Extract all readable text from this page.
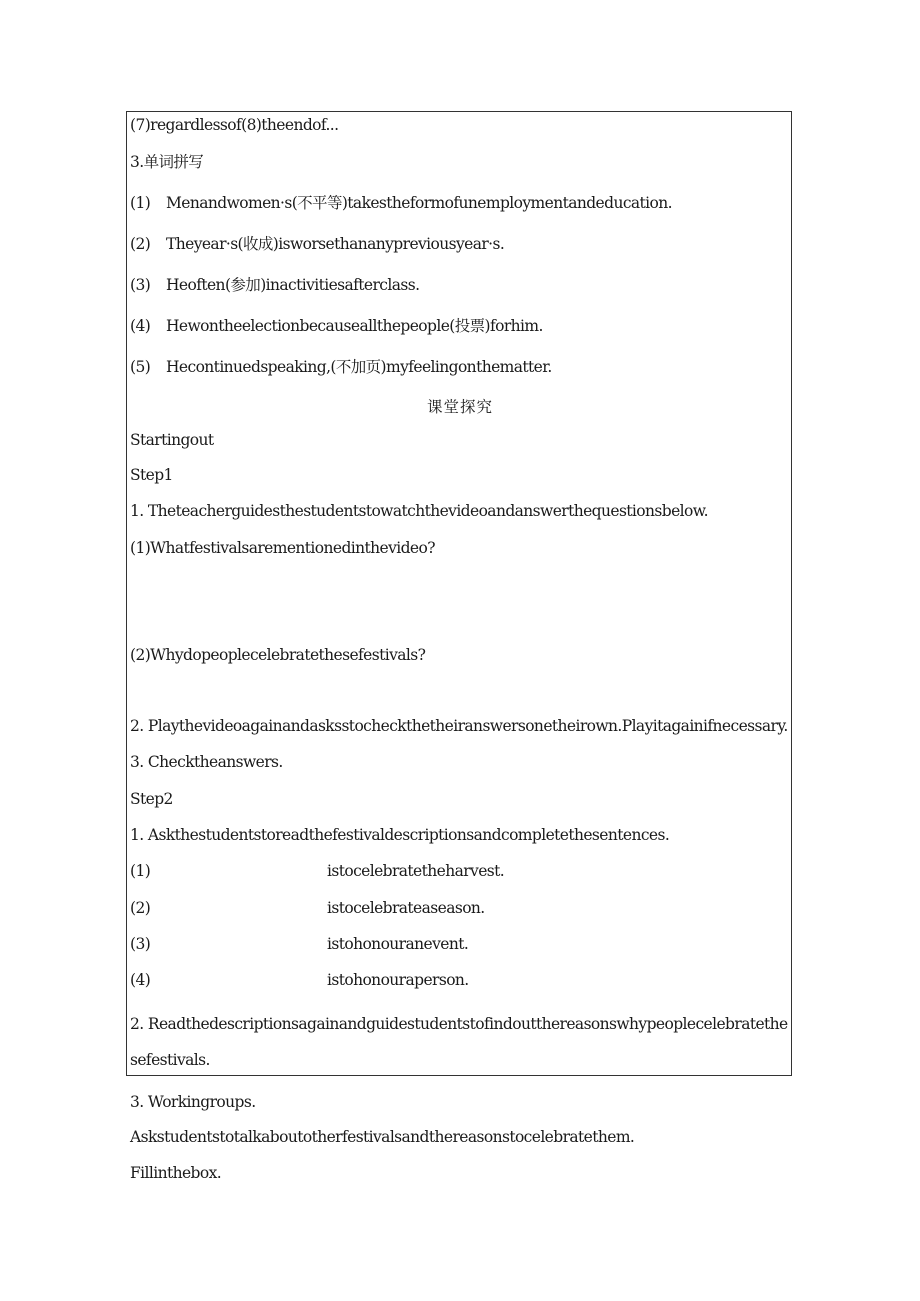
(7)regardlessof(8)theendof...
3.单词拼写
(1) Menandwomen·s(不平等)takestheformofunemploymentandeducation.
(2) Theyear·s(收成)isworsethananypreviousyear·s.
(3) Heoften(参加)inactivitiesafterclass.
(4) Hewontheelectionbecauseallthepeople(投票)forhim.
(5) Hecontinuedspeaking,(不加页)myfeelingonthematter.
课堂探究
Startingout
Step1
1. Theteacherguidesthestudentstowatchthevideoandanswerthequestionsbelow.
(1)Whatfestivalsarementionedinthevideo?
(2)Whydopeoplecelebratethesefestivals?
2. Playthevideoagainandasksstocheckthetheiranswersonetheirown.Playitagainifnecessary.
3. Checktheanswers.
Step2
1. Askthestudentstoreadthefestivaldescriptionsandcompletethesentences.
(1)	istocelebratetheharvest.
(2)	istocelebrateaseason.
(3)	istohonouranevent.
(4)	istohonouraperson.
2. Readthedescriptionsagainandguidestudentstofindoutthereasonswhypeoplecelebratethesefestivals.
3. Workingroups.
Askstudentstotalkaboutotherfestivalsandthereasonstocelebratethem.
Fillinthebox.
